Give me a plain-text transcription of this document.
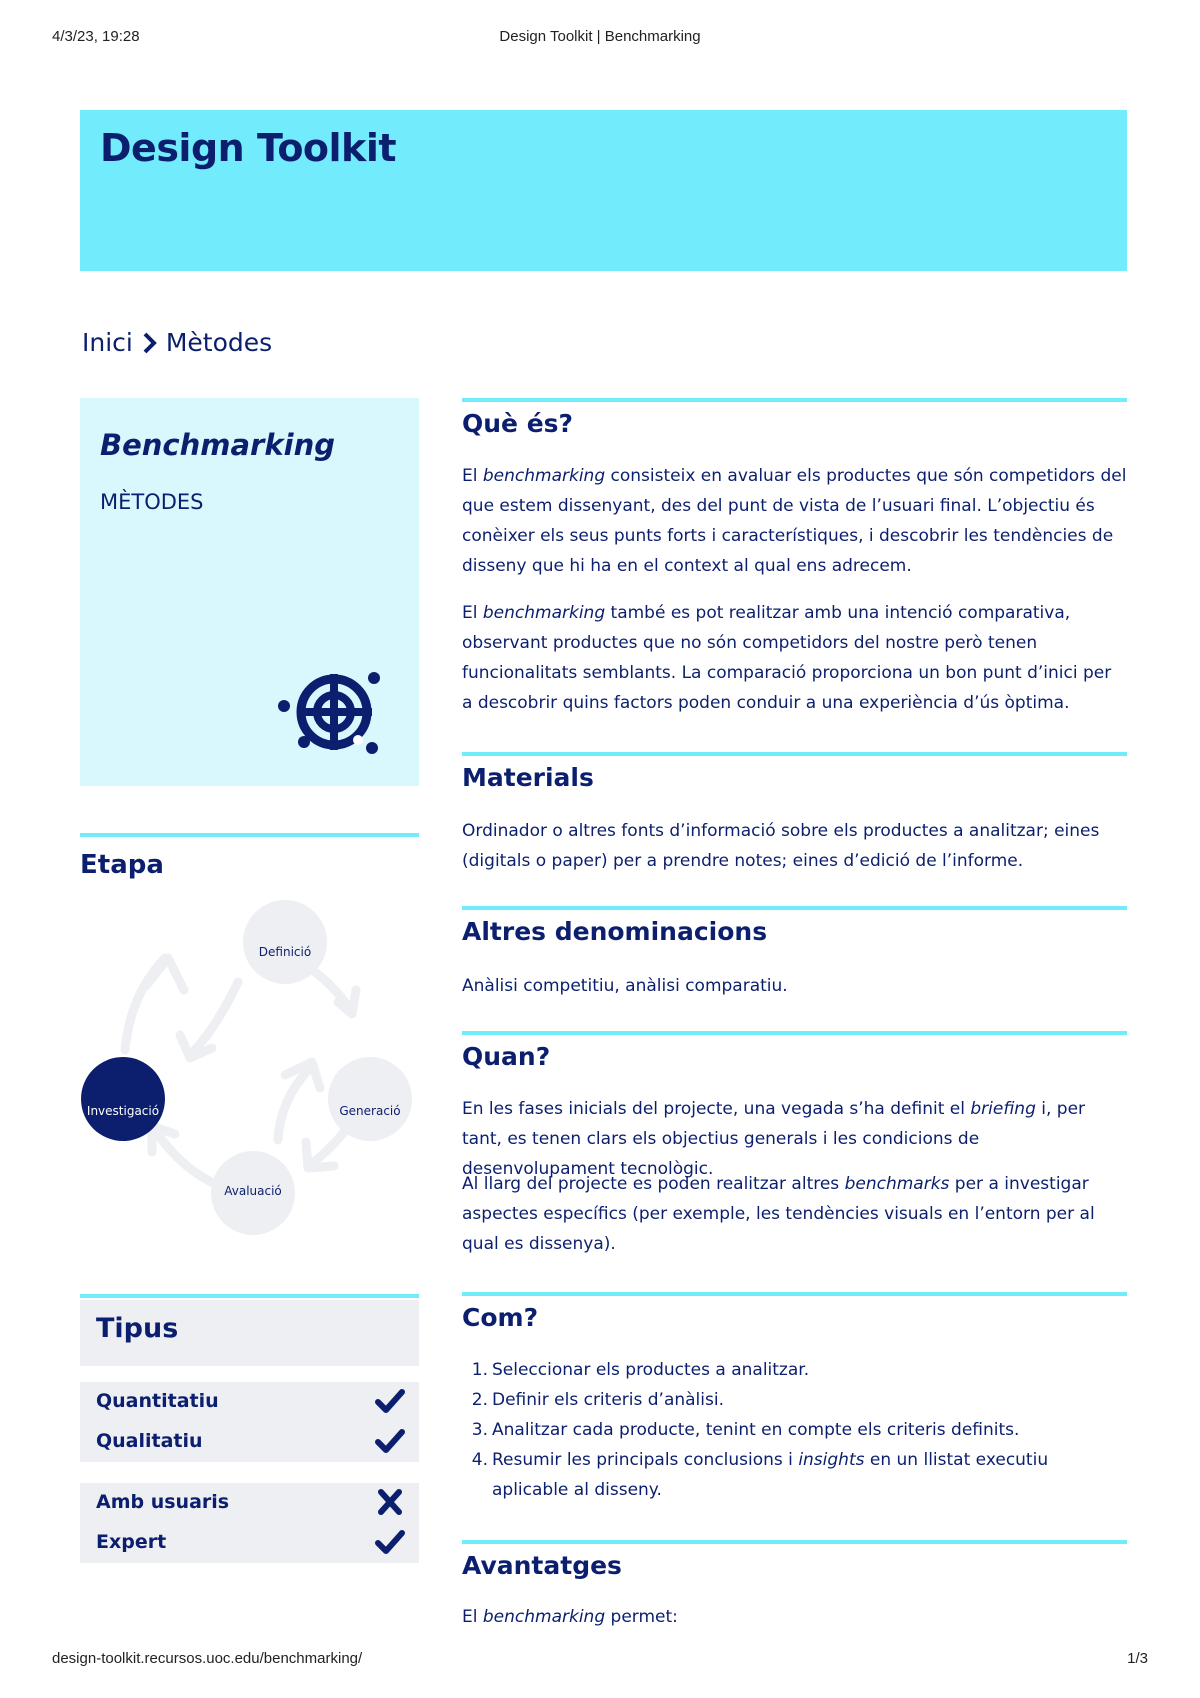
4/3/23, 19:28	Design Toolkit | Benchmarking
Design Toolkit
Inici Mètodes
Benchmarking
MÈTODES
Etapa
Definició
Generació
Avaluació
Investigació
Tipus
Quantitatiu
Qualitatiu
Amb usuaris
Expert
Què és?

El benchmarking consisteix en avaluar els productes que són competidors del que estem dissenyant, des del punt de vista de l’usuari final. L’objectiu és conèixer els seus punts forts i característiques, i descobrir les tendències de disseny que hi ha en el context al qual ens adrecem.

El benchmarking també es pot realitzar amb una intenció comparativa, observant productes que no són competidors del nostre però tenen funcionalitats semblants. La comparació proporciona un bon punt d’inici per a descobrir quins factors poden conduir a una experiència d’ús òptima.

Materials

Ordinador o altres fonts d’informació sobre els productes a analitzar; eines (digitals o paper) per a prendre notes; eines d’edició de l’informe.

Altres denominacions

Anàlisi competitiu, anàlisi comparatiu.

Quan?

En les fases inicials del projecte, una vegada s’ha definit el briefing i, per tant, es tenen clars els objectius generals i les condicions de desenvolupament tecnològic.

Al llarg del projecte es poden realitzar altres benchmarks per a investigar aspectes específics (per exemple, les tendències visuals en l’entorn per al qual es dissenya).

Com?
1. Seleccionar els productes a analitzar.
2. Definir els criteris d’anàlisi.
3. Analitzar cada producte, tenint en compte els criteris definits.
4. Resumir les principals conclusions i insights en un llistat executiu aplicable al disseny.
Avantatges

El benchmarking permet:

design-toolkit.recursos.uoc.edu/benchmarking/	1/3
